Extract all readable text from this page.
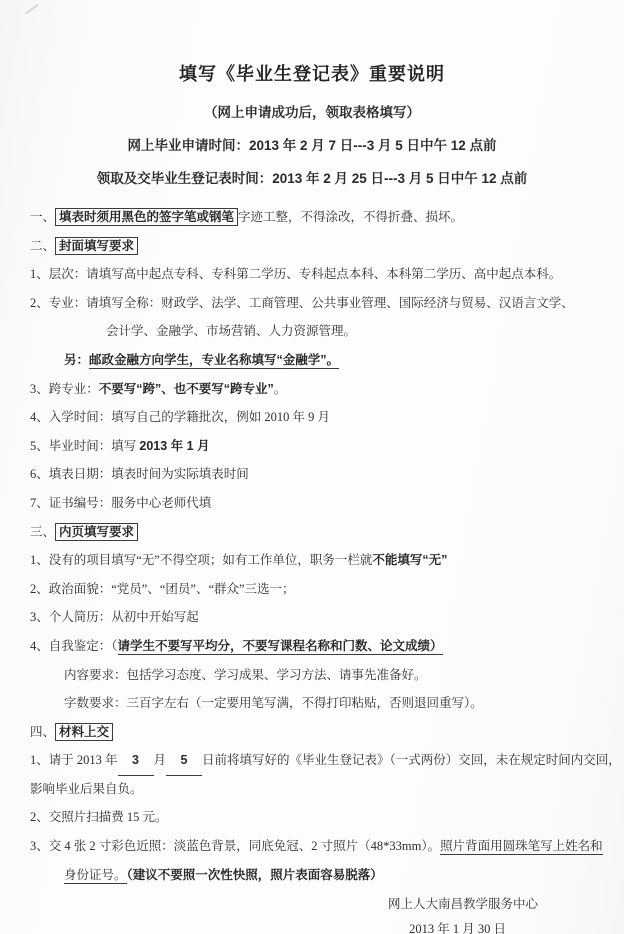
填写《毕业生登记表》重要说明
（网上申请成功后，领取表格填写）
网上毕业申请时间：2013 年 2 月 7 日---3 月 5 日中午 12 点前
领取及交毕业生登记表时间：2013 年 2 月 25 日---3 月 5 日中午 12 点前
一、 填表时须用黑色的签字笔或钢笔 字迹工整，不得涂改，不得折叠、损坏。
二、 封面填写要求
1、层次：请填写高中起点专科、专科第二学历、专科起点本科、本科第二学历、高中起点本科。
2、专业：请填写全称：财政学、法学、工商管理、公共事业管理、国际经济与贸易、汉语言文学、
会计学、金融学、市场营销、人力资源管理。
另：邮政金融方向学生，专业名称填写“金融学”。
3、跨专业：不要写“跨”、也不要写“跨专业”。
4、入学时间：填写自己的学籍批次，例如 2010 年 9 月
5、毕业时间：填写 2013 年 1 月
6、填表日期：填表时间为实际填表时间
7、证书编号：服务中心老师代填
三、 内页填写要求
1、没有的项目填写“无”不得空项；如有工作单位，职务一栏就不能填写“无”
2、政治面貌：“党员”、“团员”、“群众”三选一；
3、个人简历：从初中开始写起
4、自我鉴定：（请学生不要写平均分，不要写课程名称和门数、论文成绩）
内容要求：包括学习态度、学习成果、学习方法、请事先准备好。
字数要求：三百字左右（一定要用笔写满，不得打印粘贴，否则退回重写）。
四、 材料上交
1、请于 2013 年 3 月 5 日前将填写好的《毕业生登记表》（一式两份）交回，未在规定时间内交回，
影响毕业后果自负。
2、交照片扫描费 15 元。
3、交 4 张 2 寸彩色近照：淡蓝色背景，同底免冠、2 寸照片（48*33mm）。照片背面用圆珠笔写上姓名和
身份证号。（建议不要照一次性快照，照片表面容易脱落）
网上人大南昌教学服务中心
2013 年 1 月 30 日
